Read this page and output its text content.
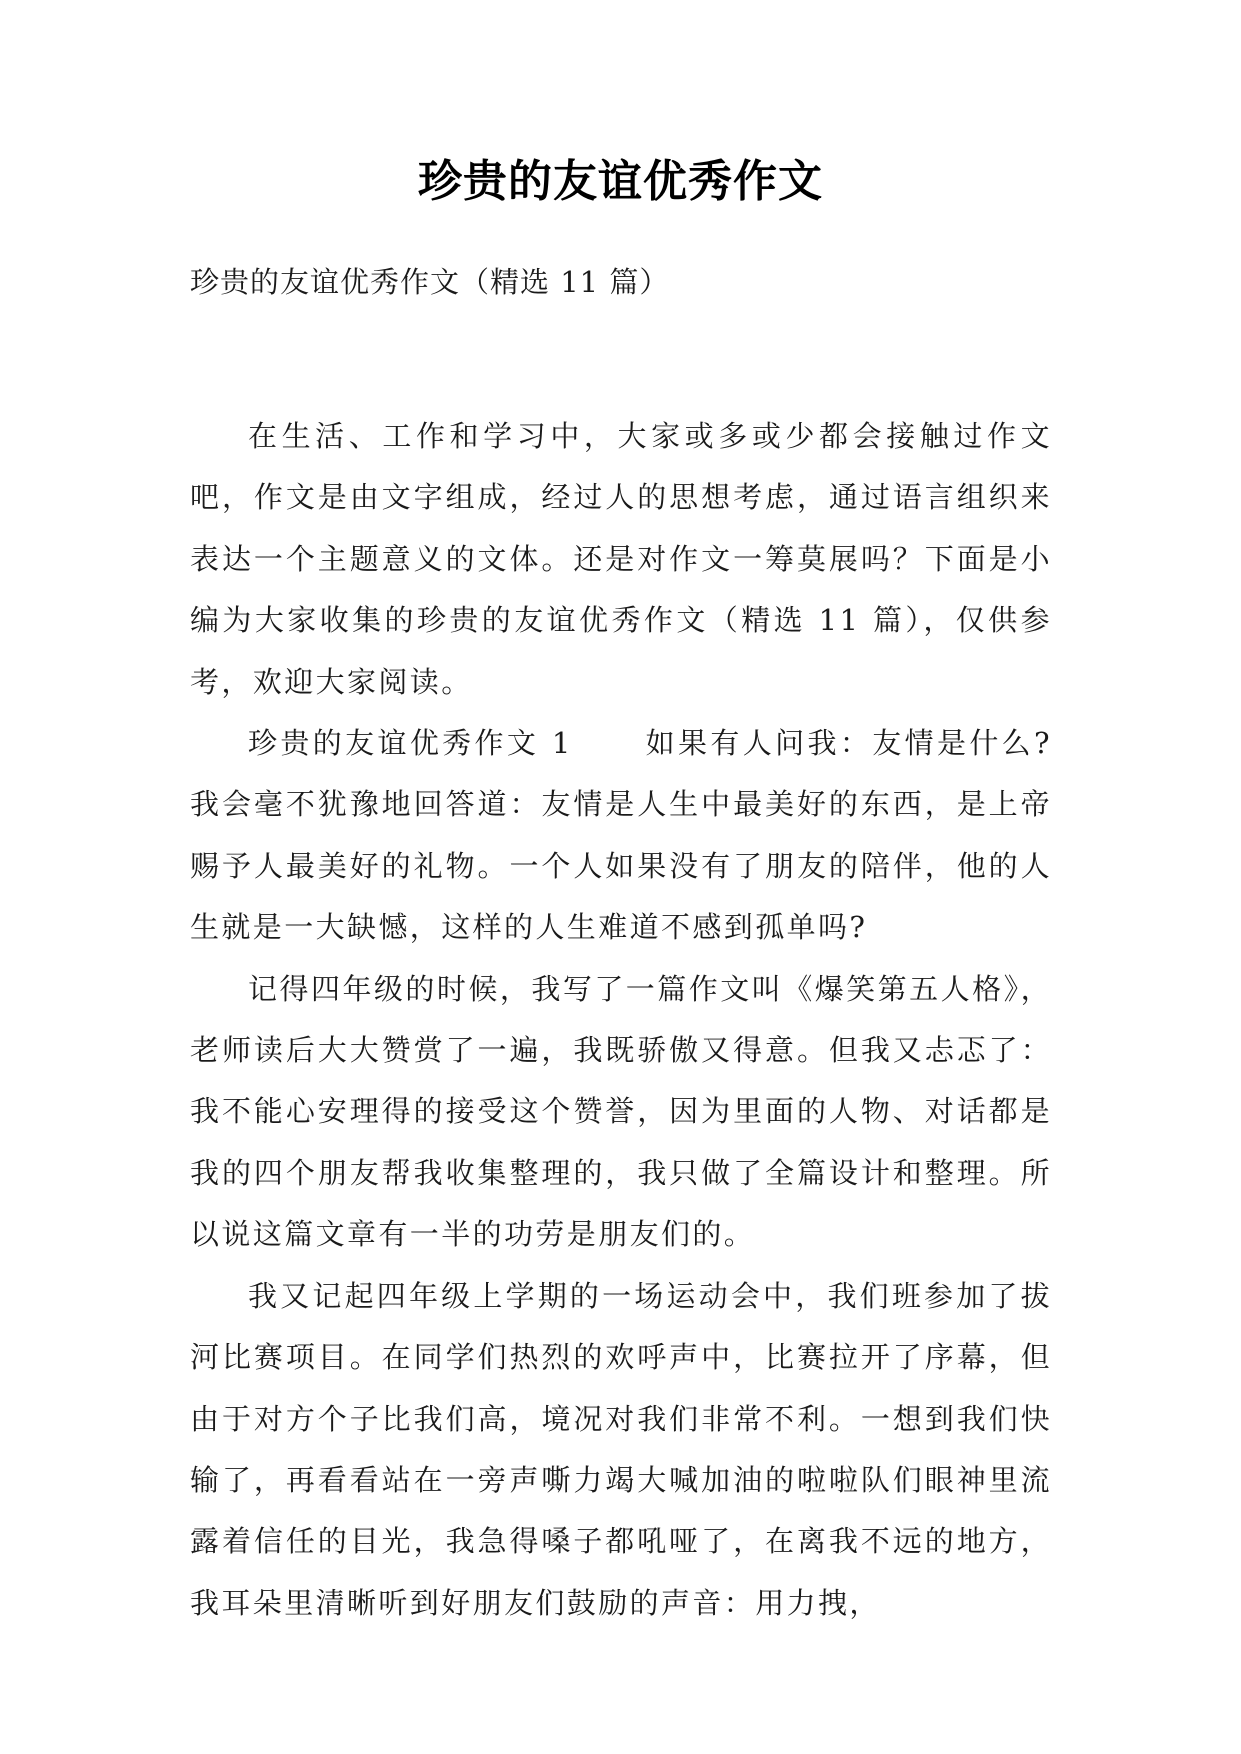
珍贵的友谊优秀作文
珍贵的友谊优秀作文（精选 11 篇）

在生活、工作和学习中，大家或多或少都会接触过作文吧，作文是由文字组成，经过人的思想考虑，通过语言组织来表达一个主题意义的文体。还是对作文一筹莫展吗？下面是小编为大家收集的珍贵的友谊优秀作文（精选 11 篇），仅供参考，欢迎大家阅读。

珍贵的友谊优秀作文 1 如果有人问我：友情是什么?我会毫不犹豫地回答道：友情是人生中最美好的东西，是上帝赐予人最美好的礼物。一个人如果没有了朋友的陪伴，他的人生就是一大缺憾，这样的人生难道不感到孤单吗?

记得四年级的时候，我写了一篇作文叫《爆笑第五人格》，老师读后大大赞赏了一遍，我既骄傲又得意。但我又忐忑了：我不能心安理得的接受这个赞誉，因为里面的人物、对话都是我的四个朋友帮我收集整理的，我只做了全篇设计和整理。所以说这篇文章有一半的功劳是朋友们的。

我又记起四年级上学期的一场运动会中，我们班参加了拔河比赛项目。在同学们热烈的欢呼声中，比赛拉开了序幕，但由于对方个子比我们高，境况对我们非常不利。一想到我们快输了，再看看站在一旁声嘶力竭大喊加油的啦啦队们眼神里流露着信任的目光，我急得嗓子都吼哑了，在离我不远的地方，我耳朵里清晰听到好朋友们鼓励的声音：用力拽，
